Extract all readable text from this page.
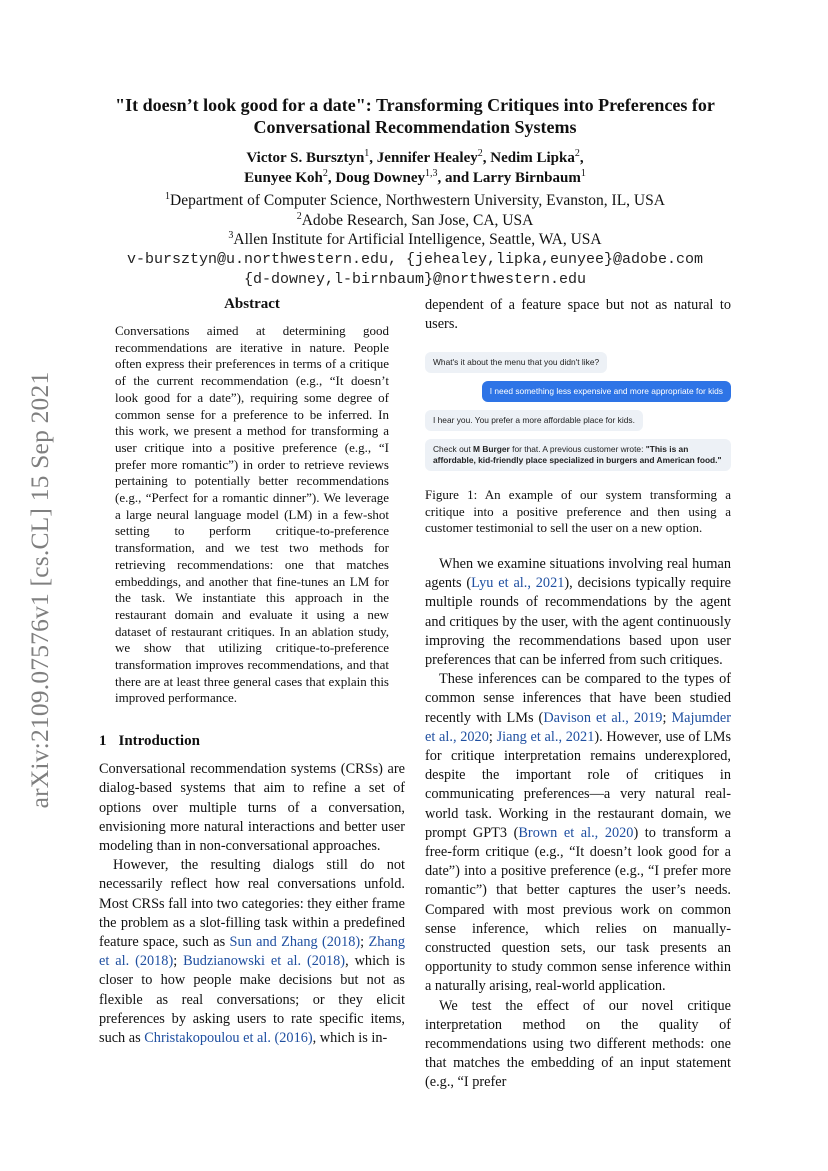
arXiv:2109.07576v1 [cs.CL] 15 Sep 2021
"It doesn’t look good for a date": Transforming Critiques into Preferences for Conversational Recommendation Systems
Victor S. Bursztyn$^1$, Jennifer Healey$^2$, Nedim Lipka$^2$,
Eunyee Koh$^2$, Doug Downey$^{1,3}$, and Larry Birnbaum$^1$
$^1$Department of Computer Science, Northwestern University, Evanston, IL, USA
$^2$Adobe Research, San Jose, CA, USA
$^3$Allen Institute for Artificial Intelligence, Seattle, WA, USA
v-bursztyn@u.northwestern.edu, {jehealey,lipka,eunyee}@adobe.com
{d-downey,l-birnbaum}@northwestern.edu
Abstract

Conversations aimed at determining good recommendations are iterative in nature. People often express their preferences in terms of a critique of the current recommendation (e.g., “It doesn’t look good for a date”), requiring some degree of common sense for a preference to be inferred. In this work, we present a method for transforming a user critique into a positive preference (e.g., “I prefer more romantic”) in order to retrieve reviews pertaining to potentially better recommendations (e.g., “Perfect for a romantic dinner”). We leverage a large neural language model (LM) in a few-shot setting to perform critique-to-preference transformation, and we test two methods for retrieving recommendations: one that matches embeddings, and another that fine-tunes an LM for the task. We instantiate this approach in the restaurant domain and evaluate it using a new dataset of restaurant critiques. In an ablation study, we show that utilizing critique-to-preference transformation improves recommendations, and that there are at least three general cases that explain this improved performance.

1 Introduction

Conversational recommendation systems (CRSs) are dialog-based systems that aim to refine a set of options over multiple turns of a conversation, envisioning more natural interactions and better user modeling than in non-conversational approaches.

However, the resulting dialogs still do not necessarily reflect how real conversations unfold. Most CRSs fall into two categories: they either frame the problem as a slot-filling task within a predefined feature space, such as Sun and Zhang (2018); Zhang et al. (2018); Budzianowski et al. (2018), which is closer to how people make decisions but not as flexible as real conversations; or they elicit preferences by asking users to rate specific items, such as Christakopoulou et al. (2016), which is in-

dependent of a feature space but not as natural to users.

What's it about the menu that you didn't like?
I need something less expensive and more appropriate for kids
I hear you. You prefer a more affordable place for kids.
Check out M Burger for that. A previous customer wrote: "This is an affordable, kid-friendly place specialized in burgers and American food."

Figure 1: An example of our system transforming a critique into a positive preference and then using a customer testimonial to sell the user on a new option.

When we examine situations involving real human agents (Lyu et al., 2021), decisions typically require multiple rounds of recommendations by the agent and critiques by the user, with the agent continuously improving the recommendations based upon user preferences that can be inferred from such critiques.

These inferences can be compared to the types of common sense inferences that have been studied recently with LMs (Davison et al., 2019; Majumder et al., 2020; Jiang et al., 2021). However, use of LMs for critique interpretation remains underexplored, despite the important role of critiques in communicating preferences—a very natural real-world task. Working in the restaurant domain, we prompt GPT3 (Brown et al., 2020) to transform a free-form critique (e.g., “It doesn’t look good for a date”) into a positive preference (e.g., “I prefer more romantic”) that better captures the user’s needs. Compared with most previous work on common sense inference, which relies on manually-constructed question sets, our task presents an opportunity to study common sense inference within a naturally arising, real-world application.

We test the effect of our novel critique interpretation method on the quality of recommendations using two different methods: one that matches the embedding of an input statement (e.g., “I prefer
